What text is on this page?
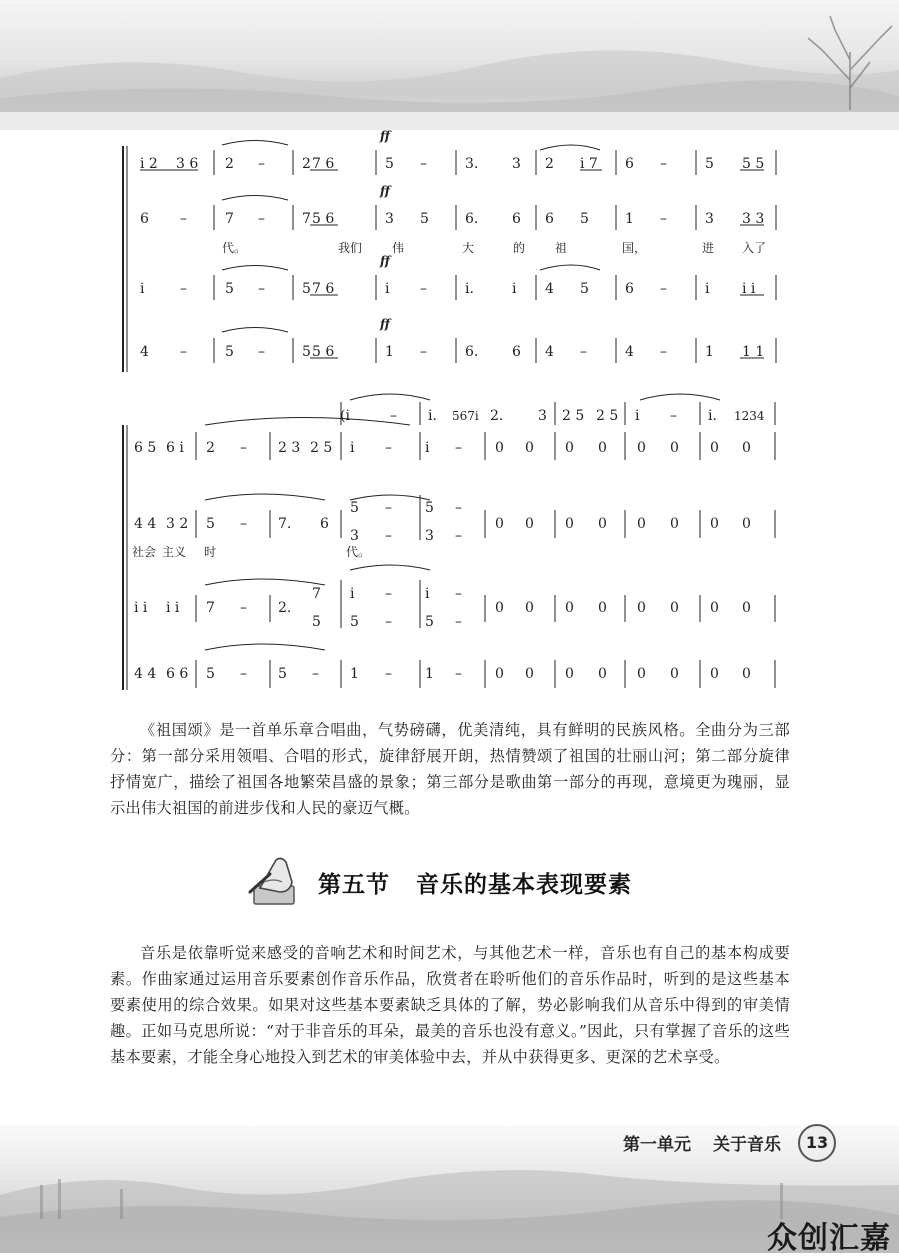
i 2 3 6 2 –	2 7 6	5 –	3. 3 2 i 7 6 –	5 5 5
ff
6 –	7 –	7 5 6	3 5	6. 6 6 5	1 –	3 3 3
ff
代。	我们 伟	大	的 祖	国，	进 入了
i	–	5 –	5 7 6	i –	i.	i 4 5	6 –	i i i
ff
4 –	5 –	5 5 6	1 –	6. 6 4 –	4 –	1 1 1
ff
(i	– i. 567i 2. 3 2 5 2 5 i – i. 1234
6 5 6 i 2 – 2 3 2 5 i – i – 0 0 0 0 0 0 0 0
4 4 3 2 5 – 7. 6
5 – 5 –
3 – 3 –
0 0 0 0 0 0 0 0
社会 主义 时	代。
i i i i 7 – 2.
7
5
i – i –
5 – 5 –
0 0 0 0 0 0 0 0
4 4 6 6 5 – 5 – 1 – 1 – 0 0 0 0 0 0 0 0

《祖国颂》是一首单乐章合唱曲，气势磅礴，优美清纯，具有鲜明的民族风格。全曲分为三部分：第一部分采用领唱、合唱的形式，旋律舒展开朗，热情赞颂了祖国的壮丽山河；第二部分旋律抒情宽广，描绘了祖国各地繁荣昌盛的景象；第三部分是歌曲第一部分的再现，意境更为瑰丽，显示出伟大祖国的前进步伐和人民的豪迈气概。

第五节 音乐的基本表现要素

音乐是依靠听觉来感受的音响艺术和时间艺术，与其他艺术一样，音乐也有自己的基本构成要素。作曲家通过运用音乐要素创作音乐作品，欣赏者在聆听他们的音乐作品时，听到的是这些基本要素使用的综合效果。如果对这些基本要素缺乏具体的了解，势必影响我们从音乐中得到的审美情趣。正如马克思所说：“对于非音乐的耳朵，最美的音乐也没有意义。”因此，只有掌握了音乐的这些基本要素，才能全身心地投入到艺术的审美体验中去，并从中获得更多、更深的艺术享受。

第一单元 关于音乐	13
众创汇嘉
